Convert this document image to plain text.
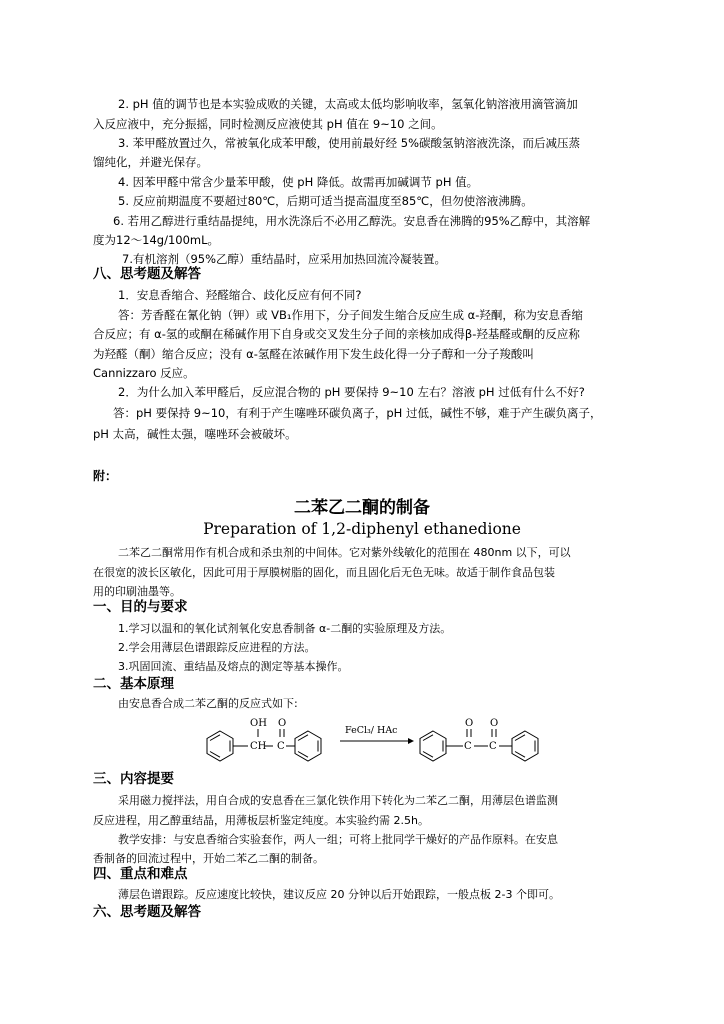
2. pH 值的调节也是本实验成败的关键，太高或太低均影响收率，氢氧化钠溶液用滴管滴加

入反应液中，充分振摇，同时检测反应液使其 pH 值在 9~10 之间。

3. 苯甲醛放置过久，常被氧化成苯甲酸，使用前最好经 5%碳酸氢钠溶液洗涤，而后减压蒸

馏纯化，并避光保存。

4. 因苯甲醛中常含少量苯甲酸，使 pH 降低。故需再加碱调节 pH 值。

5. 反应前期温度不要超过80℃，后期可适当提高温度至85℃，但勿使溶液沸腾。

6. 若用乙醇进行重结晶提纯，用水洗涤后不必用乙醇洗。安息香在沸腾的95%乙醇中，其溶解

度为12～14g/100mL。

7.有机溶剂（95%乙醇）重结晶时，应采用加热回流冷凝装置。

八、思考题及解答

1．安息香缩合、羟醛缩合、歧化反应有何不同?

答：芳香醛在氰化钠（钾）或 VB₁作用下，分子间发生缩合反应生成 α-羟酮，称为安息香缩

合反应；有 α-氢的或酮在稀碱作用下自身或交叉发生分子间的亲核加成得β-羟基醛或酮的反应称

为羟醛（酮）缩合反应；没有 α-氢醛在浓碱作用下发生歧化得一分子醇和一分子羧酸叫

Cannizzaro 反应。

2．为什么加入苯甲醛后，反应混合物的 pH 要保持 9~10 左右？溶液 pH 过低有什么不好?

答：pH 要保持 9~10，有利于产生噻唑环碳负离子，pH 过低，碱性不够，难于产生碳负离子，

pH 太高，碱性太强，噻唑环会被破坏。

附：

二苯乙二酮的制备

Preparation of 1,2-diphenyl ethanedione

二苯乙二酮常用作有机合成和杀虫剂的中间体。它对紫外线敏化的范围在 480nm 以下，可以

在很宽的波长区敏化，因此可用于厚膜树脂的固化，而且固化后无色无味。故适于制作食品包装

用的印刷油墨等。

一、目的与要求

1.学习以温和的氧化试剂氧化安息香制备 α-二酮的实验原理及方法。

2.学会用薄层色谱跟踪反应进程的方法。

3.巩固回流、重结晶及熔点的测定等基本操作。

二、基本原理

由安息香合成二苯乙酮的反应式如下:

OH
CH
O
C
FeCl₃/ HAc
O
C
O
C

三、内容提要

采用磁力搅拌法，用自合成的安息香在三氯化铁作用下转化为二苯乙二酮，用薄层色谱监测

反应进程，用乙醇重结晶，用薄板层析鉴定纯度。本实验约需 2.5h。

教学安排：与安息香缩合实验套作，两人一组；可将上批同学干燥好的产品作原料。在安息

香制备的回流过程中，开始二苯乙二酮的制备。

四、重点和难点

薄层色谱跟踪。反应速度比较快，建议反应 20 分钟以后开始跟踪，一般点板 2-3 个即可。

六、思考题及解答
